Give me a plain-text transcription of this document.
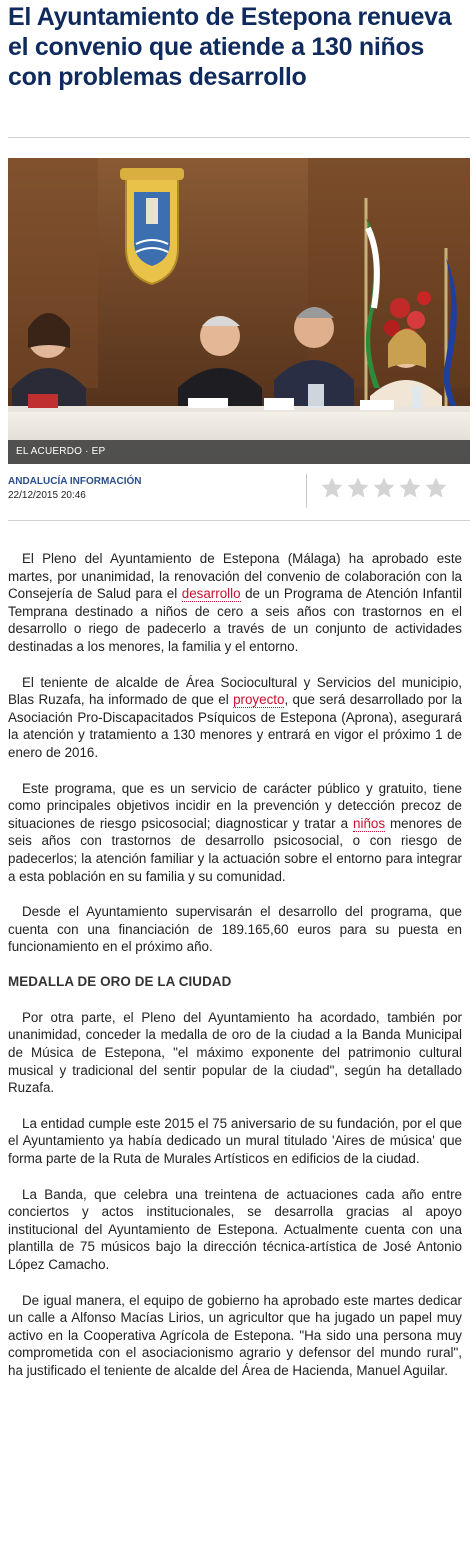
El Ayuntamiento de Estepona renueva el convenio que atiende a 130 niños con problemas desarrollo
EL ACUERDO · EP
ANDALUCÍA INFORMACIÓN
22/12/2015 20:46

El Pleno del Ayuntamiento de Estepona (Málaga) ha aprobado este martes, por unanimidad, la renovación del convenio de colaboración con la Consejería de Salud para el desarrollo de un Programa de Atención Infantil Temprana destinado a niños de cero a seis años con trastornos en el desarrollo o riego de padecerlo a través de un conjunto de actividades destinadas a los menores, la familia y el entorno.

El teniente de alcalde de Área Sociocultural y Servicios del municipio, Blas Ruzafa, ha informado de que el proyecto, que será desarrollado por la Asociación Pro-Discapacitados Psíquicos de Estepona (Aprona), asegurará la atención y tratamiento a 130 menores y entrará en vigor el próximo 1 de enero de 2016.

Este programa, que es un servicio de carácter público y gratuito, tiene como principales objetivos incidir en la prevención y detección precoz de situaciones de riesgo psicosocial; diagnosticar y tratar a niños menores de seis años con trastornos de desarrollo psicosocial, o con riesgo de padecerlos; la atención familiar y la actuación sobre el entorno para integrar a esta población en su familia y su comunidad.

Desde el Ayuntamiento supervisarán el desarrollo del programa, que cuenta con una financiación de 189.165,60 euros para su puesta en funcionamiento en el próximo año.

MEDALLA DE ORO DE LA CIUDAD

Por otra parte, el Pleno del Ayuntamiento ha acordado, también por unanimidad, conceder la medalla de oro de la ciudad a la Banda Municipal de Música de Estepona, "el máximo exponente del patrimonio cultural musical y tradicional del sentir popular de la ciudad", según ha detallado Ruzafa.

La entidad cumple este 2015 el 75 aniversario de su fundación, por el que el Ayuntamiento ya había dedicado un mural titulado 'Aires de música' que forma parte de la Ruta de Murales Artísticos en edificios de la ciudad.

La Banda, que celebra una treintena de actuaciones cada año entre conciertos y actos institucionales, se desarrolla gracias al apoyo institucional del Ayuntamiento de Estepona. Actualmente cuenta con una plantilla de 75 músicos bajo la dirección técnica-artística de José Antonio López Camacho.

De igual manera, el equipo de gobierno ha aprobado este martes dedicar un calle a Alfonso Macías Lirios, un agricultor que ha jugado un papel muy activo en la Cooperativa Agrícola de Estepona. "Ha sido una persona muy comprometida con el asociacionismo agrario y defensor del mundo rural", ha justificado el teniente de alcalde del Área de Hacienda, Manuel Aguilar.
